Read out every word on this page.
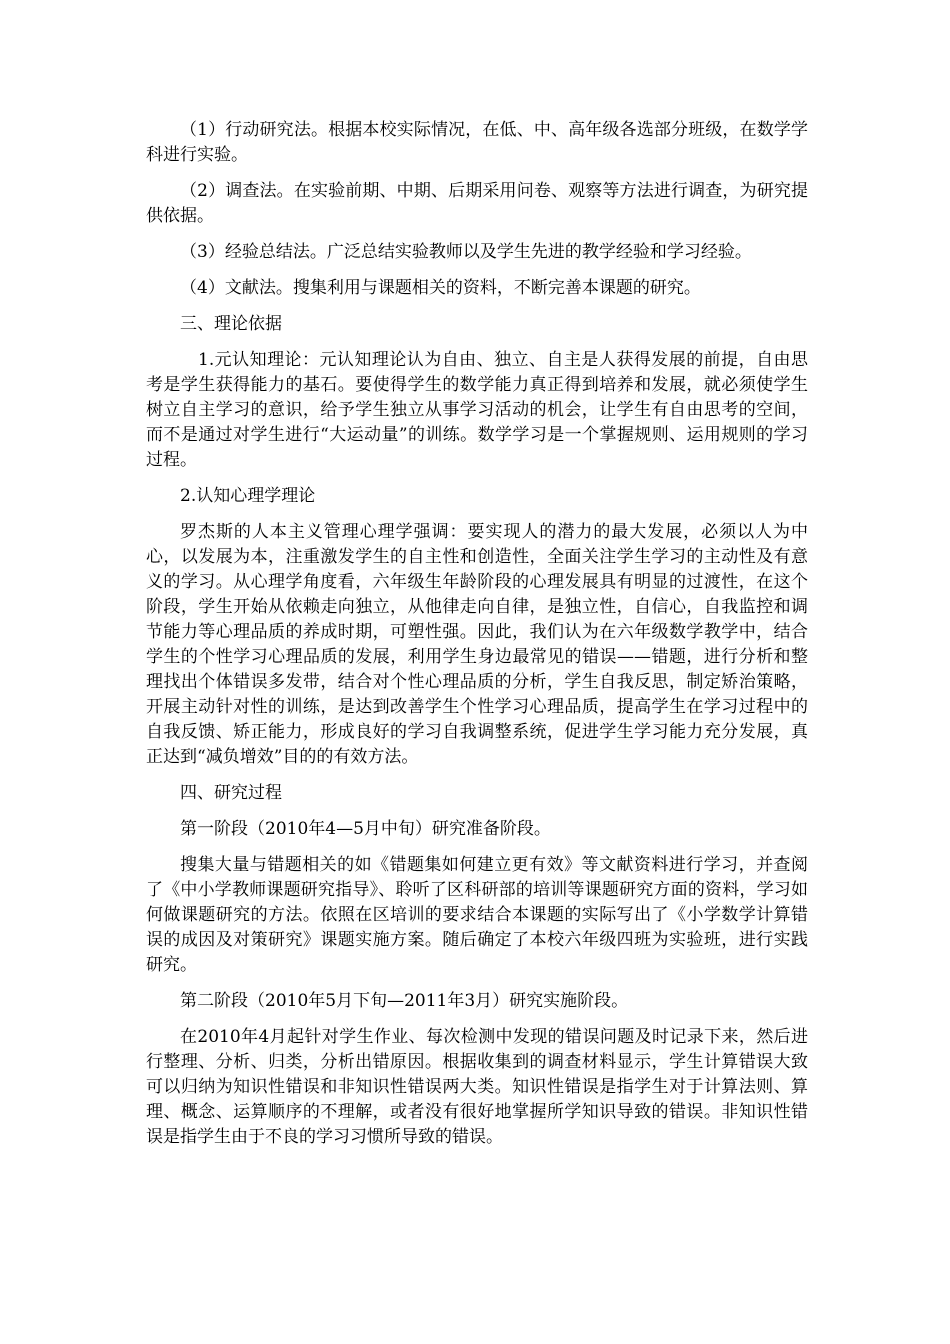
（1）行动研究法。根据本校实际情况，在低、中、高年级各选部分班级，在数学学科进行实验。

（2）调查法。在实验前期、中期、后期采用问卷、观察等方法进行调查，为研究提供依据。

（3）经验总结法。广泛总结实验教师以及学生先进的教学经验和学习经验。

（4）文献法。搜集利用与课题相关的资料，不断完善本课题的研究。

三、理论依据

1.元认知理论：元认知理论认为自由、独立、自主是人获得发展的前提，自由思考是学生获得能力的基石。要使得学生的数学能力真正得到培养和发展，就必须使学生树立自主学习的意识，给予学生独立从事学习活动的机会，让学生有自由思考的空间，而不是通过对学生进行“大运动量”的训练。数学学习是一个掌握规则、运用规则的学习过程。

2.认知心理学理论

罗杰斯的人本主义管理心理学强调：要实现人的潜力的最大发展，必须以人为中心，以发展为本，注重激发学生的自主性和创造性，全面关注学生学习的主动性及有意义的学习。从心理学角度看，六年级生年龄阶段的心理发展具有明显的过渡性，在这个阶段，学生开始从依赖走向独立，从他律走向自律，是独立性，自信心，自我监控和调节能力等心理品质的养成时期，可塑性强。因此，我们认为在六年级数学教学中，结合学生的个性学习心理品质的发展，利用学生身边最常见的错误——错题，进行分析和整理找出个体错误多发带，结合对个性心理品质的分析，学生自我反思，制定矫治策略，开展主动针对性的训练，是达到改善学生个性学习心理品质，提高学生在学习过程中的自我反馈、矫正能力，形成良好的学习自我调整系统，促进学生学习能力充分发展，真正达到“减负增效”目的的有效方法。

四、研究过程

第一阶段（2010年4—5月中旬）研究准备阶段。

搜集大量与错题相关的如《错题集如何建立更有效》等文献资料进行学习，并查阅了《中小学教师课题研究指导》、聆听了区科研部的培训等课题研究方面的资料，学习如何做课题研究的方法。依照在区培训的要求结合本课题的实际写出了《小学数学计算错误的成因及对策研究》课题实施方案。随后确定了本校六年级四班为实验班，进行实践研究。

第二阶段（2010年5月下旬—2011年3月）研究实施阶段。

在2010年4月起针对学生作业、每次检测中发现的错误问题及时记录下来，然后进行整理、分析、归类，分析出错原因。根据收集到的调查材料显示，学生计算错误大致可以归纳为知识性错误和非知识性错误两大类。知识性错误是指学生对于计算法则、算理、概念、运算顺序的不理解，或者没有很好地掌握所学知识导致的错误。非知识性错误是指学生由于不良的学习习惯所导致的错误。
